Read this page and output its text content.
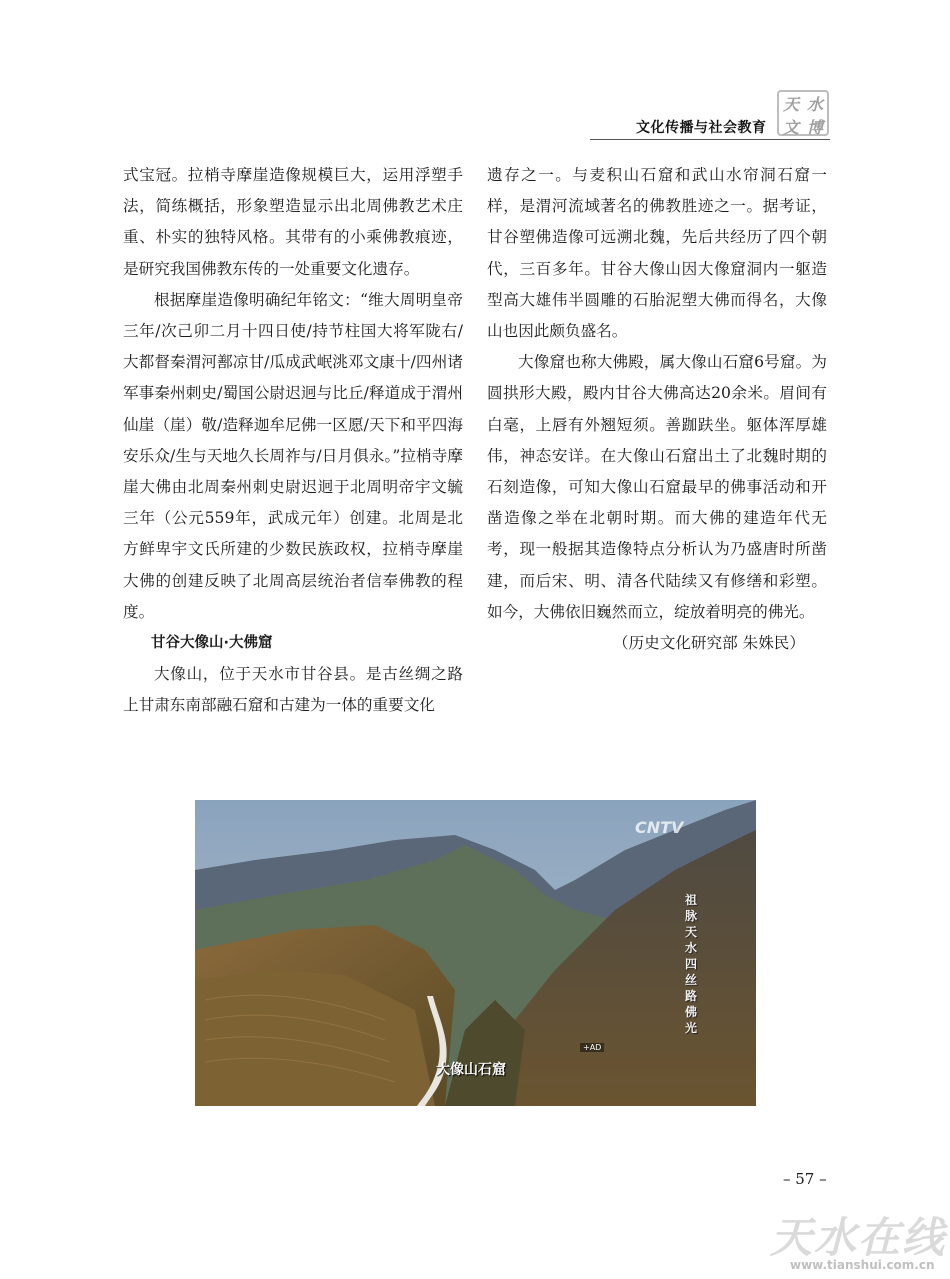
天 水
文 博
文化传播与社会教育

式宝冠。拉梢寺摩崖造像规模巨大，运用浮塑手法，简练概括，形象塑造显示出北周佛教艺术庄重、朴实的独特风格。其带有的小乘佛教痕迹，是研究我国佛教东传的一处重要文化遗存。

根据摩崖造像明确纪年铭文：“维大周明皇帝三年/次己卯二月十四日使/持节柱国大将军陇右/大都督秦渭河鄯凉甘/瓜成武岷洮邓文康十/四州诸军事秦州刺史/蜀国公尉迟迥与比丘/释道成于渭州仙崖（崖）敬/造释迦牟尼佛一区愿/天下和平四海安乐众/生与天地久长周祚与/日月俱永。”拉梢寺摩崖大佛由北周秦州刺史尉迟迥于北周明帝宇文毓三年（公元559年，武成元年）创建。北周是北方鲜卑宇文氏所建的少数民族政权，拉梢寺摩崖大佛的创建反映了北周高层统治者信奉佛教的程度。

甘谷大像山·大佛窟

大像山，位于天水市甘谷县。是古丝绸之路上甘肃东南部融石窟和古建为一体的重要文化

遗存之一。与麦积山石窟和武山水帘洞石窟一样，是渭河流域著名的佛教胜迹之一。据考证，甘谷塑佛造像可远溯北魏，先后共经历了四个朝代，三百多年。甘谷大像山因大像窟洞内一躯造型高大雄伟半圆雕的石胎泥塑大佛而得名，大像山也因此颇负盛名。

大像窟也称大佛殿，属大像山石窟6号窟。为圆拱形大殿，殿内甘谷大佛高达20余米。眉间有白毫，上唇有外翘短须。善跏趺坐。躯体浑厚雄伟，神态安详。在大像山石窟出土了北魏时期的石刻造像，可知大像山石窟最早的佛事活动和开凿造像之举在北朝时期。而大佛的建造年代无考，现一般据其造像特点分析认为乃盛唐时所凿建，而后宋、明、清各代陆续又有修缮和彩塑。如今，大佛依旧巍然而立，绽放着明亮的佛光。

（历史文化研究部 朱姝民）

CNTV
祖脉天水四丝路佛光
+AD
大像山石窟
– 57 –
天水在线
www.tianshui.com.cn
